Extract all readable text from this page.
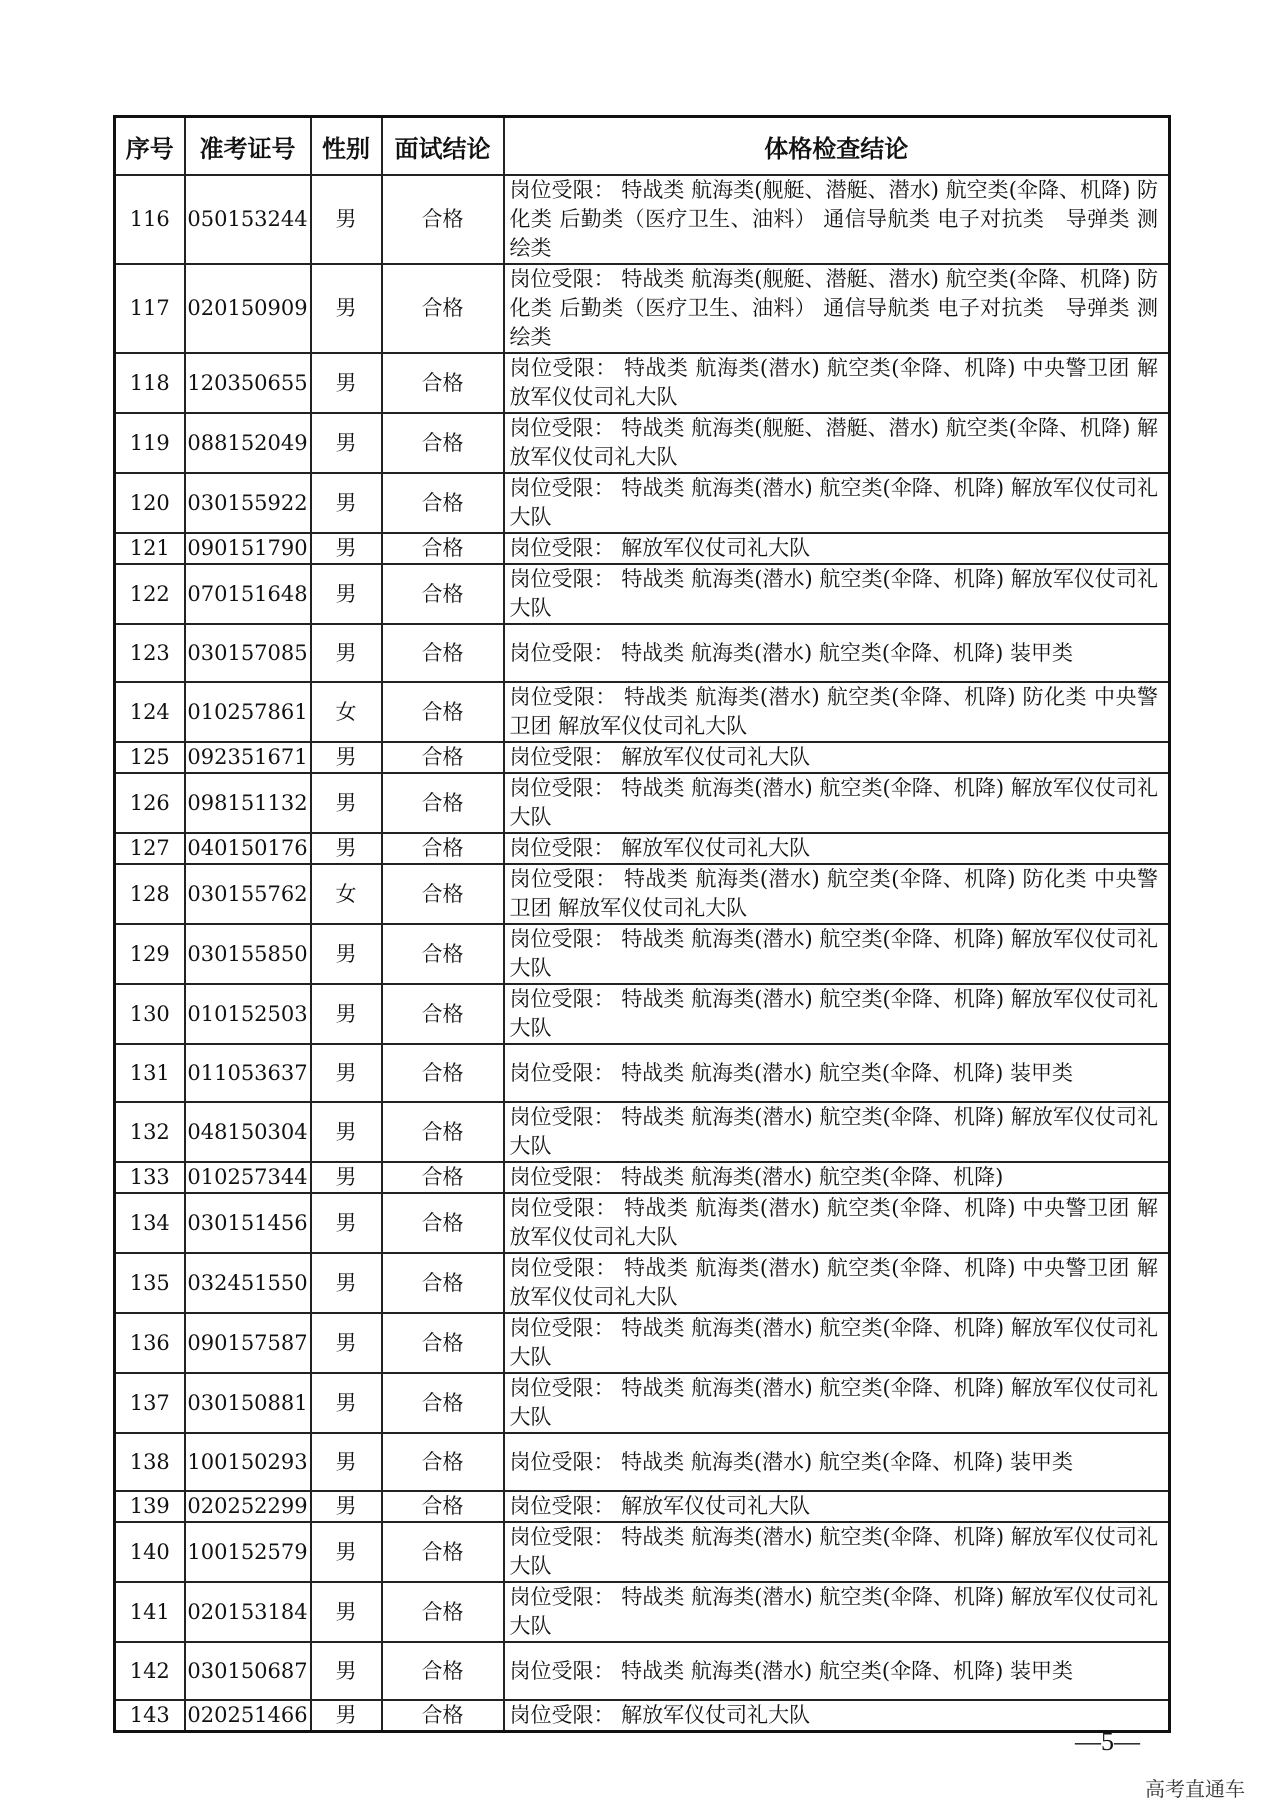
序号	准考证号	性别	面试结论	体格检查结论
116	050153244	男	合格	岗位受限： 特战类 航海类(舰艇、潜艇、潜水) 航空类(伞降、机降) 防化类 后勤类（医疗卫生、油料） 通信导航类 电子对抗类　导弹类 测绘类
117	020150909	男	合格	岗位受限： 特战类 航海类(舰艇、潜艇、潜水) 航空类(伞降、机降) 防化类 后勤类（医疗卫生、油料） 通信导航类 电子对抗类　导弹类 测绘类
118	120350655	男	合格	岗位受限： 特战类 航海类(潜水) 航空类(伞降、机降) 中央警卫团 解放军仪仗司礼大队
119	088152049	男	合格	岗位受限： 特战类 航海类(舰艇、潜艇、潜水) 航空类(伞降、机降) 解放军仪仗司礼大队
120	030155922	男	合格	岗位受限： 特战类 航海类(潜水) 航空类(伞降、机降) 解放军仪仗司礼大队
121	090151790	男	合格	岗位受限： 解放军仪仗司礼大队
122	070151648	男	合格	岗位受限： 特战类 航海类(潜水) 航空类(伞降、机降) 解放军仪仗司礼大队
123	030157085	男	合格	岗位受限： 特战类 航海类(潜水) 航空类(伞降、机降) 装甲类
124	010257861	女	合格	岗位受限： 特战类 航海类(潜水) 航空类(伞降、机降) 防化类 中央警卫团 解放军仪仗司礼大队
125	092351671	男	合格	岗位受限： 解放军仪仗司礼大队
126	098151132	男	合格	岗位受限： 特战类 航海类(潜水) 航空类(伞降、机降) 解放军仪仗司礼大队
127	040150176	男	合格	岗位受限： 解放军仪仗司礼大队
128	030155762	女	合格	岗位受限： 特战类 航海类(潜水) 航空类(伞降、机降) 防化类 中央警卫团 解放军仪仗司礼大队
129	030155850	男	合格	岗位受限： 特战类 航海类(潜水) 航空类(伞降、机降) 解放军仪仗司礼大队
130	010152503	男	合格	岗位受限： 特战类 航海类(潜水) 航空类(伞降、机降) 解放军仪仗司礼大队
131	011053637	男	合格	岗位受限： 特战类 航海类(潜水) 航空类(伞降、机降) 装甲类
132	048150304	男	合格	岗位受限： 特战类 航海类(潜水) 航空类(伞降、机降) 解放军仪仗司礼大队
133	010257344	男	合格	岗位受限： 特战类 航海类(潜水) 航空类(伞降、机降)
134	030151456	男	合格	岗位受限： 特战类 航海类(潜水) 航空类(伞降、机降) 中央警卫团 解放军仪仗司礼大队
135	032451550	男	合格	岗位受限： 特战类 航海类(潜水) 航空类(伞降、机降) 中央警卫团 解放军仪仗司礼大队
136	090157587	男	合格	岗位受限： 特战类 航海类(潜水) 航空类(伞降、机降) 解放军仪仗司礼大队
137	030150881	男	合格	岗位受限： 特战类 航海类(潜水) 航空类(伞降、机降) 解放军仪仗司礼大队
138	100150293	男	合格	岗位受限： 特战类 航海类(潜水) 航空类(伞降、机降) 装甲类
139	020252299	男	合格	岗位受限： 解放军仪仗司礼大队
140	100152579	男	合格	岗位受限： 特战类 航海类(潜水) 航空类(伞降、机降) 解放军仪仗司礼大队
141	020153184	男	合格	岗位受限： 特战类 航海类(潜水) 航空类(伞降、机降) 解放军仪仗司礼大队
142	030150687	男	合格	岗位受限： 特战类 航海类(潜水) 航空类(伞降、机降) 装甲类
143	020251466	男	合格	岗位受限： 解放军仪仗司礼大队
—5—
高考直通车
